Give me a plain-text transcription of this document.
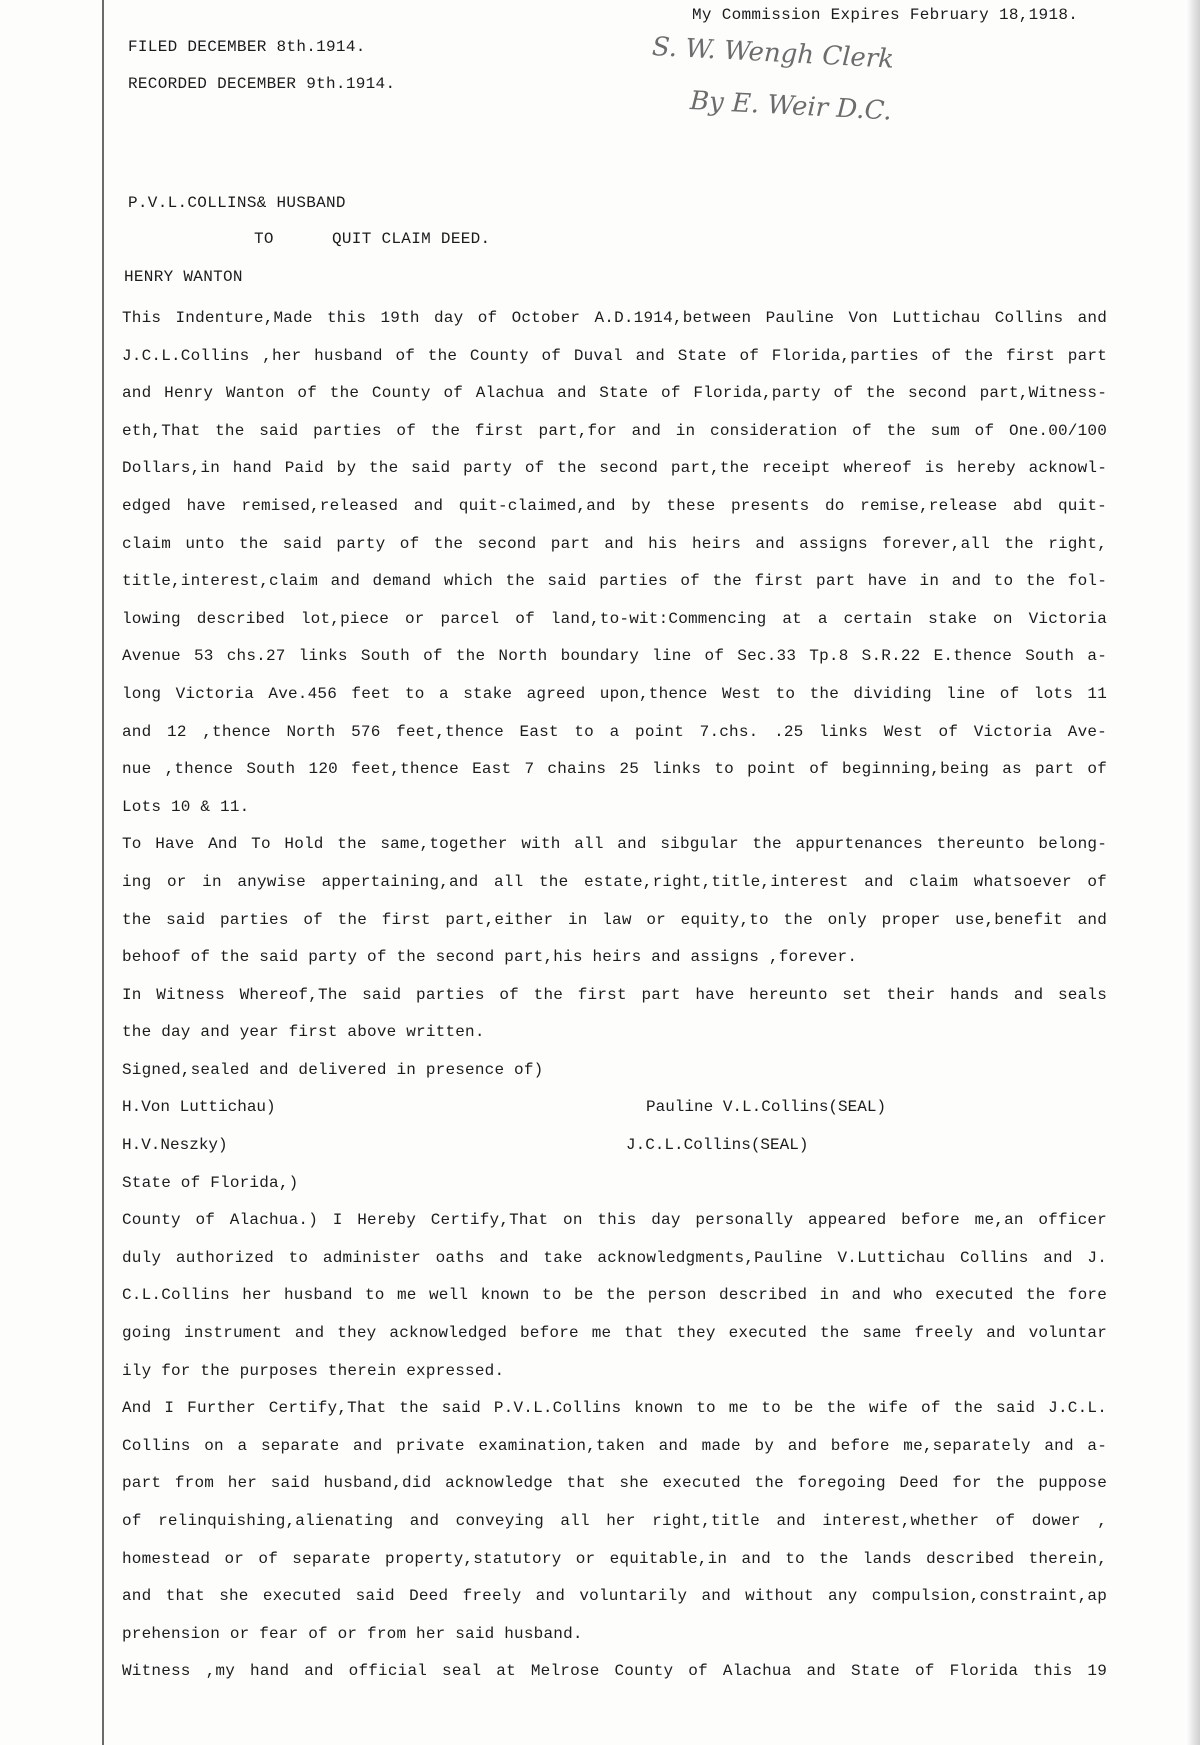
My Commission Expires February 18,1918.
FILED DECEMBER 8th.1914.
RECORDED DECEMBER 9th.1914.
S. W. Wengh Clerk
By E. Weir D.C.
P.V.L.COLLINS& HUSBAND
TO	QUIT CLAIM DEED.
HENRY WANTON
This Indenture,Made this 19th day of October A.D.1914,between Pauline Von Luttichau Collins and
J.C.L.Collins ,her husband of the County of Duval and State of Florida,parties of the first part
and Henry Wanton of the County of Alachua and State of Florida,party of the second part,Witness-
eth,That the said parties of the first part,for and in consideration of the sum of One.00/100
Dollars,in hand Paid by the said party of the second part,the receipt whereof is hereby acknowl-
edged have remised,released and quit-claimed,and by these presents do remise,release abd quit-
claim unto the said party of the second part and his heirs and assigns forever,all the right,
title,interest,claim and demand which the said parties of the first part have in and to the fol-
lowing described lot,piece or parcel of land,to-wit:Commencing at a certain stake on Victoria
Avenue 53 chs.27 links South of the North boundary line of Sec.33 Tp.8 S.R.22 E.thence South a-
long Victoria Ave.456 feet to a stake agreed upon,thence West to the dividing line of lots 11
and 12 ,thence North 576 feet,thence East to a point 7.chs. .25 links West of Victoria Ave-
nue ,thence South 120 feet,thence East 7 chains 25 links to point of beginning,being as part of
Lots 10 & 11.
To Have And To Hold the same,together with all and sibgular the appurtenances thereunto belong-
ing or in anywise appertaining,and all the estate,right,title,interest and claim whatsoever of
the said parties of the first part,either in law or equity,to the only proper use,benefit and
behoof of the said party of the second part,his heirs and assigns ,forever.
In Witness Whereof,The said parties of the first part have hereunto set their hands and seals
the day and year first above written.
Signed,sealed and delivered in presence of)
H.Von Luttichau)	Pauline V.L.Collins(SEAL)
H.V.Neszky)	J.C.L.Collins(SEAL)
State of Florida,)
County of Alachua.) I Hereby Certify,That on this day personally appeared before me,an officer
duly authorized to administer oaths and take acknowledgments,Pauline V.Luttichau Collins and J.
C.L.Collins her husband to me well known to be the person described in and who executed the fore
going instrument and they acknowledged before me that they executed the same freely and voluntar
ily for the purposes therein expressed.
And I Further Certify,That the said P.V.L.Collins known to me to be the wife of the said J.C.L.
Collins on a separate and private examination,taken and made by and before me,separately and a-
part from her said husband,did acknowledge that she executed the foregoing Deed for the puppose
of relinquishing,alienating and conveying all her right,title and interest,whether of dower ,
homestead or of separate property,statutory or equitable,in and to the lands described therein,
and that she executed said Deed freely and voluntarily and without any compulsion,constraint,ap
prehension or fear of or from her said husband.
Witness ,my hand and official seal at Melrose County of Alachua and State of Florida this 19
